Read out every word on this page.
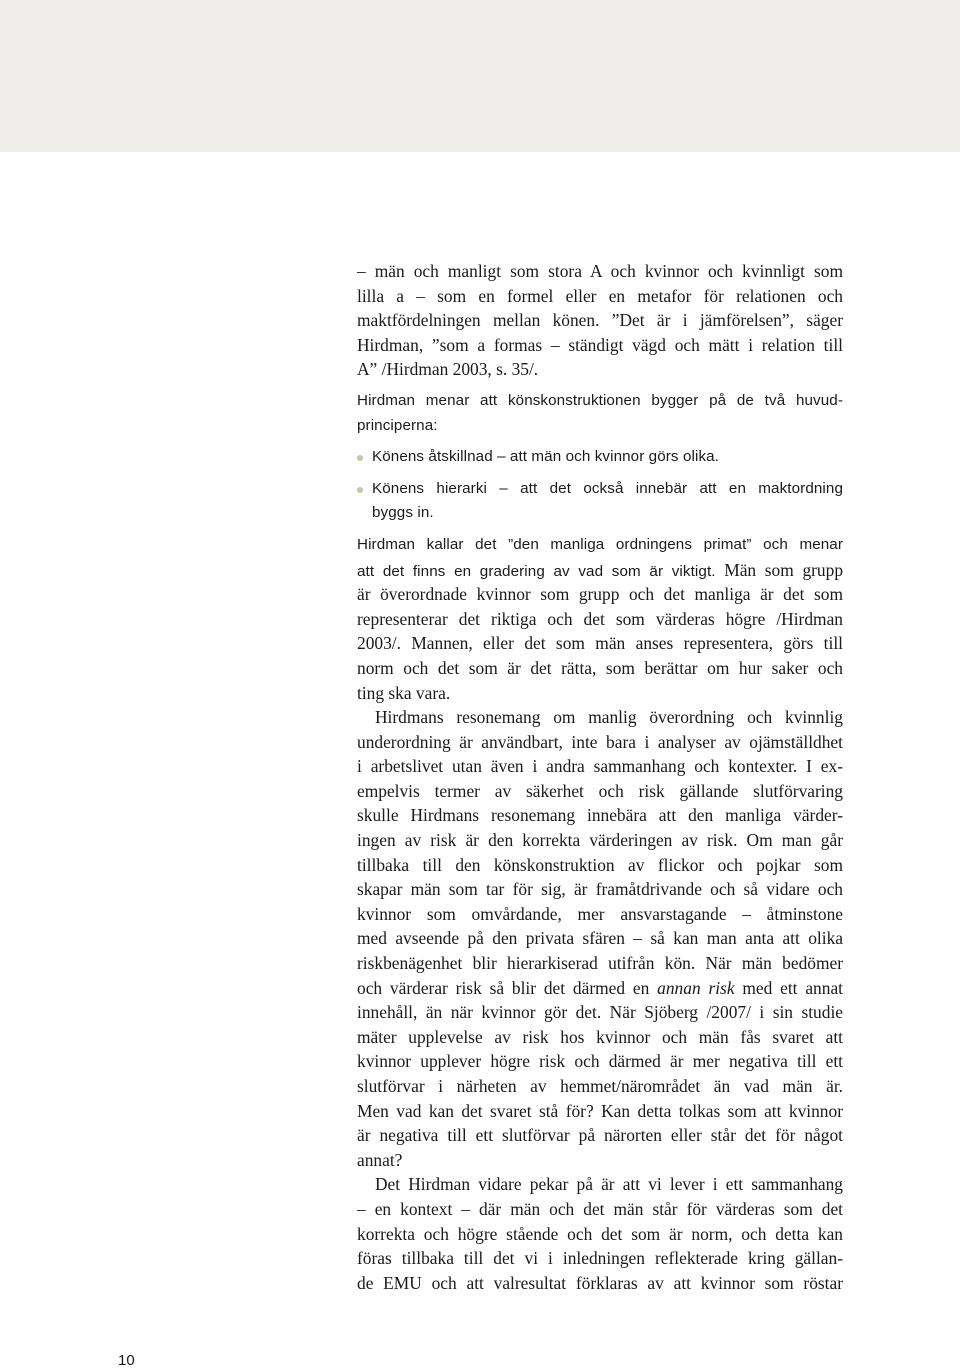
– män och manligt som stora A och kvinnor och kvinnligt som
lilla a – som en formel eller en metafor för relationen och
maktfördelningen mellan könen. ”Det är i jämförelsen”, säger
Hirdman, ”som a formas – ständigt vägd och mätt i relation till
A” /Hirdman 2003, s. 35/.
Hirdman menar att könskonstruktionen bygger på de två huvud-
principerna:
Könens åtskillnad – att män och kvinnor görs olika.
Könens hierarki – att det också innebär att en maktordning
byggs in.
Hirdman kallar det ”den manliga ordningens primat” och menar
att det finns en gradering av vad som är viktigt. Män som grupp
är överordnade kvinnor som grupp och det manliga är det som
representerar det riktiga och det som värderas högre /Hirdman
2003/. Mannen, eller det som män anses representera, görs till
norm och det som är det rätta, som berättar om hur saker och
ting ska vara.
Hirdmans resonemang om manlig överordning och kvinnlig
underordning är användbart, inte bara i analyser av ojämställdhet
i arbetslivet utan även i andra sammanhang och kontexter. I ex-
empelvis termer av säkerhet och risk gällande slutförvaring
skulle Hirdmans resonemang innebära att den manliga värder-
ingen av risk är den korrekta värderingen av risk. Om man går
tillbaka till den könskonstruktion av flickor och pojkar som
skapar män som tar för sig, är framåtdrivande och så vidare och
kvinnor som omvårdande, mer ansvarstagande – åtminstone
med avseende på den privata sfären – så kan man anta att olika
riskbenägenhet blir hierarkiserad utifrån kön. När män bedömer
och värderar risk så blir det därmed en annan risk med ett annat
innehåll, än när kvinnor gör det. När Sjöberg /2007/ i sin studie
mäter upplevelse av risk hos kvinnor och män fås svaret att
kvinnor upplever högre risk och därmed är mer negativa till ett
slutförvar i närheten av hemmet/närområdet än vad män är.
Men vad kan det svaret stå för? Kan detta tolkas som att kvinnor
är negativa till ett slutförvar på närorten eller står det för något
annat?
Det Hirdman vidare pekar på är att vi lever i ett sammanhang
– en kontext – där män och det män står för värderas som det
korrekta och högre stående och det som är norm, och detta kan
föras tillbaka till det vi i inledningen reflekterade kring gällan-
de EMU och att valresultat förklaras av att kvinnor som röstar
10
